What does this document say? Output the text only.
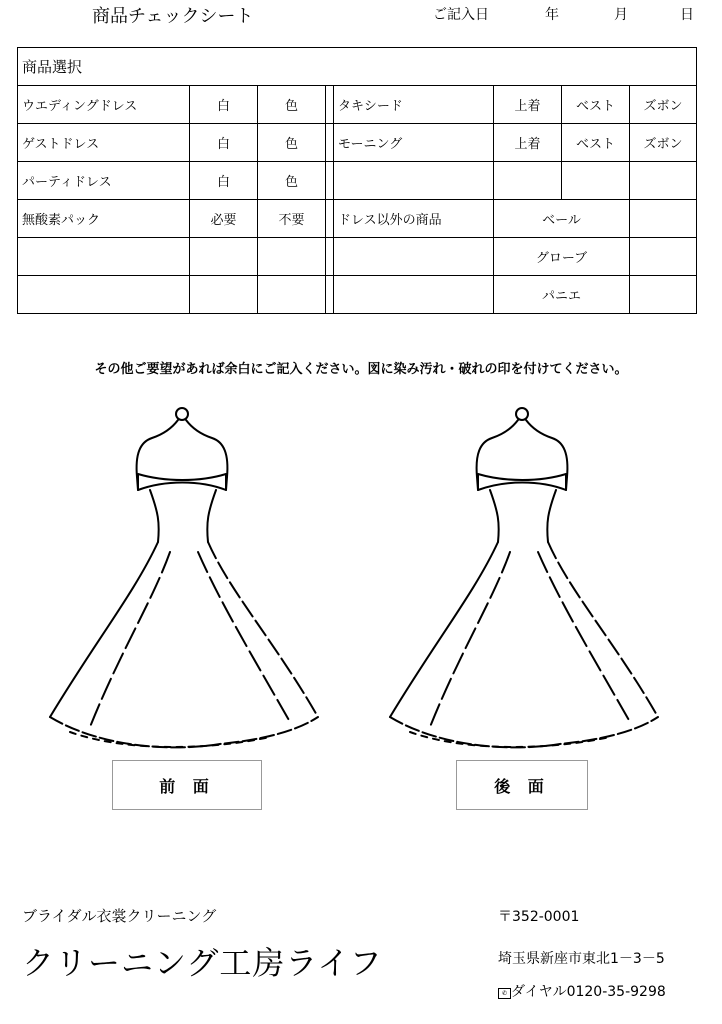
商品チェックシート	ご記入日	年	月	日
商品選択							
ウエディングドレス	白	色		タキシード	上着	ベスト	ズボン
ゲストドレス	白	色		モーニング	上着	ベスト	ズボン
パーティドレス	白	色					
無酸素パック	必要	不要		ドレス以外の商品	ベール		
					グローブ		
					パニエ		
その他ご要望があれば余白にご記入ください。図に染み汚れ・破れの印を付けてください。
前 面	後 面
ブライダル衣裳クリーニング
クリーニング工房ライフ
〒352-0001
埼玉県新座市東北1－3－5
✆ ダイヤル0120-35-9298
